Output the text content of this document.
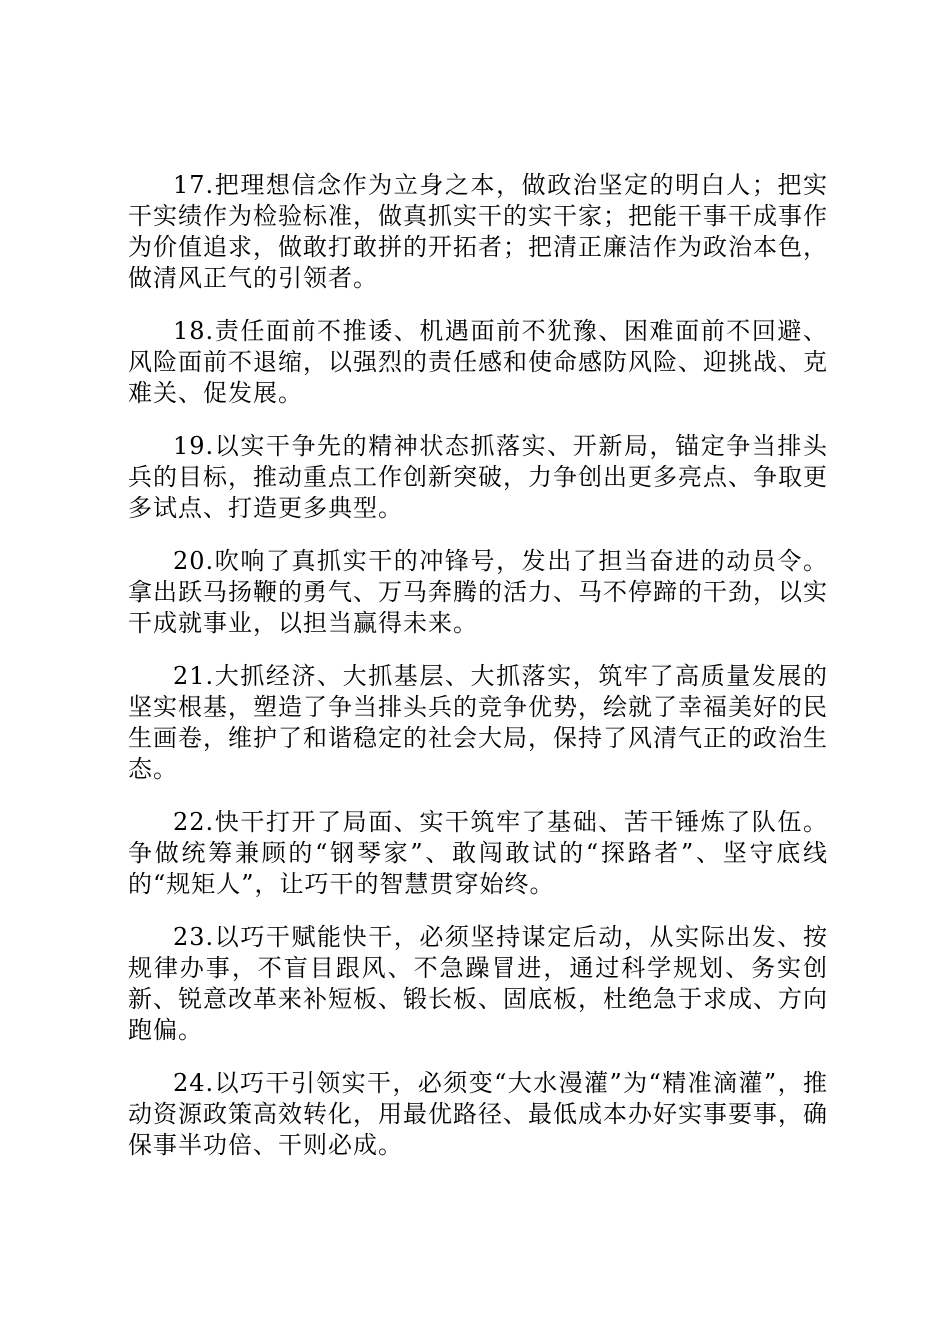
17.把理想信念作为立身之本，做政治坚定的明白人；把实干实绩作为检验标准，做真抓实干的实干家；把能干事干成事作为价值追求，做敢打敢拼的开拓者；把清正廉洁作为政治本色，做清风正气的引领者。

18.责任面前不推诿、机遇面前不犹豫、困难面前不回避、风险面前不退缩，以强烈的责任感和使命感防风险、迎挑战、克难关、促发展。

19.以实干争先的精神状态抓落实、开新局，锚定争当排头兵的目标，推动重点工作创新突破，力争创出更多亮点、争取更多试点、打造更多典型。

20.吹响了真抓实干的冲锋号，发出了担当奋进的动员令。拿出跃马扬鞭的勇气、万马奔腾的活力、马不停蹄的干劲，以实干成就事业，以担当赢得未来。

21.大抓经济、大抓基层、大抓落实，筑牢了高质量发展的坚实根基，塑造了争当排头兵的竞争优势，绘就了幸福美好的民生画卷，维护了和谐稳定的社会大局，保持了风清气正的政治生态。

22.快干打开了局面、实干筑牢了基础、苦干锤炼了队伍。争做统筹兼顾的“钢琴家”、敢闯敢试的“探路者”、坚守底线的“规矩人”，让巧干的智慧贯穿始终。

23.以巧干赋能快干，必须坚持谋定后动，从实际出发、按规律办事，不盲目跟风、不急躁冒进，通过科学规划、务实创新、锐意改革来补短板、锻长板、固底板，杜绝急于求成、方向跑偏。

24.以巧干引领实干，必须变“大水漫灌”为“精准滴灌”，推动资源政策高效转化，用最优路径、最低成本办好实事要事，确保事半功倍、干则必成。
